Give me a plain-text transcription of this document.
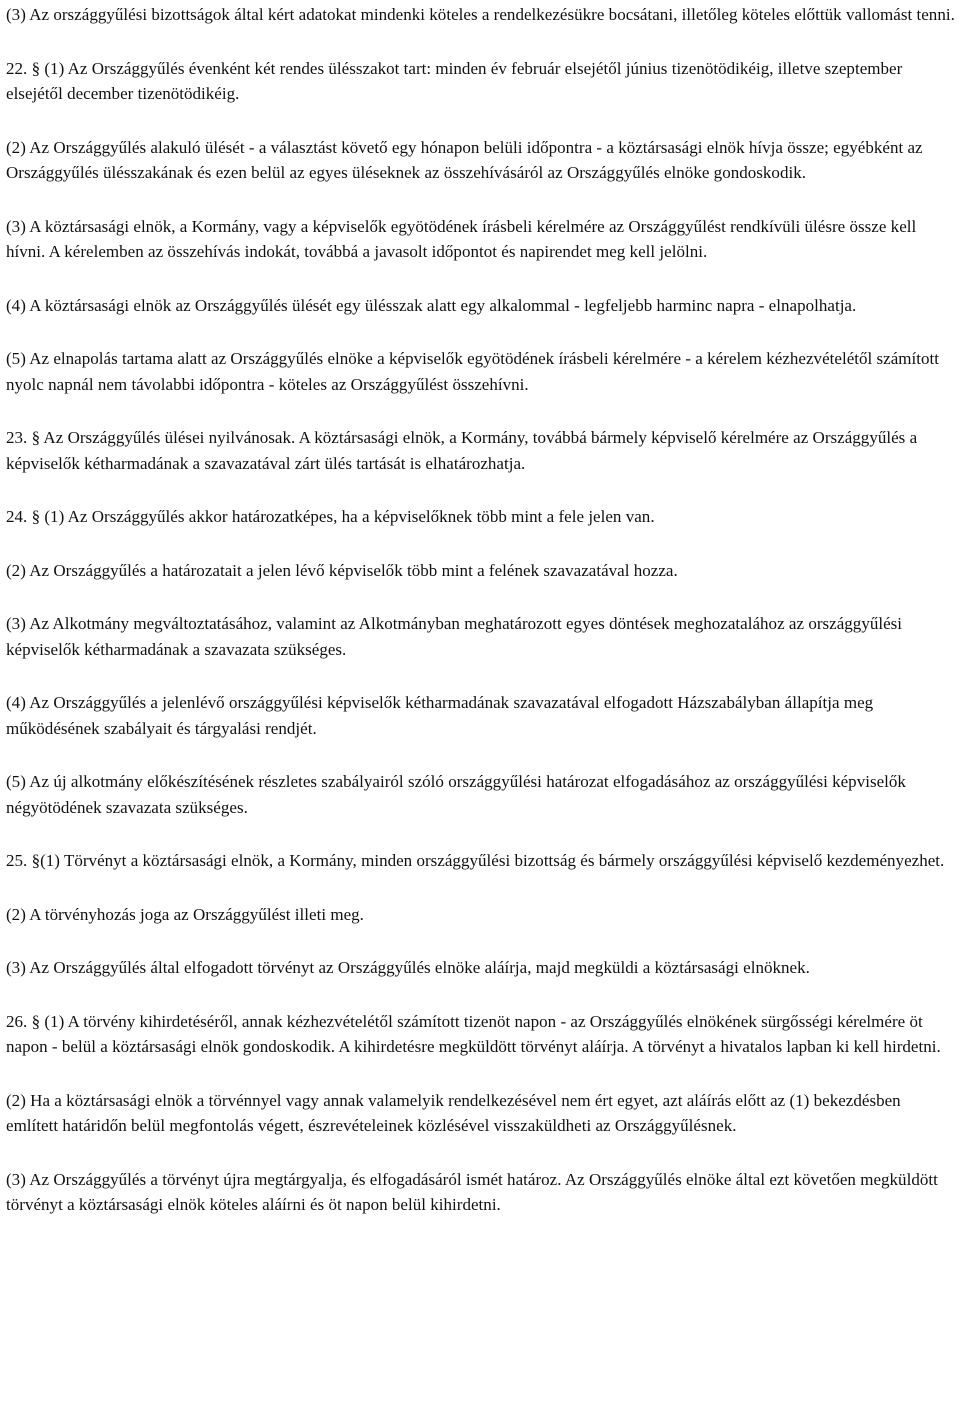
(3) Az országgyűlési bizottságok által kért adatokat mindenki köteles a rendelkezésükre bocsátani, illetőleg köteles előttük vallomást tenni.

22. § (1) Az Országgyűlés évenként két rendes ülésszakot tart: minden év február elsejétől június tizenötödikéig, illetve szeptember elsejétől december tizenötödikéig.

(2) Az Országgyűlés alakuló ülését - a választást követő egy hónapon belüli időpontra - a köztársasági elnök hívja össze; egyébként az Országgyűlés ülésszakának és ezen belül az egyes üléseknek az összehívásáról az Országgyűlés elnöke gondoskodik.

(3) A köztársasági elnök, a Kormány, vagy a képviselők egyötödének írásbeli kérelmére az Országgyűlést rendkívüli ülésre össze kell hívni. A kérelemben az összehívás indokát, továbbá a javasolt időpontot és napirendet meg kell jelölni.

(4) A köztársasági elnök az Országgyűlés ülését egy ülésszak alatt egy alkalommal - legfeljebb harminc napra - elnapolhatja.

(5) Az elnapolás tartama alatt az Országgyűlés elnöke a képviselők egyötödének írásbeli kérelmére - a kérelem kézhezvételétől számított nyolc napnál nem távolabbi időpontra - köteles az Országgyűlést összehívni.

23. § Az Országgyűlés ülései nyilvánosak. A köztársasági elnök, a Kormány, továbbá bármely képviselő kérelmére az Országgyűlés a képviselők kétharmadának a szavazatával zárt ülés tartását is elhatározhatja.

24. § (1) Az Országgyűlés akkor határozatképes, ha a képviselőknek több mint a fele jelen van.

(2) Az Országgyűlés a határozatait a jelen lévő képviselők több mint a felének szavazatával hozza.

(3) Az Alkotmány megváltoztatásához, valamint az Alkotmányban meghatározott egyes döntések meghozatalához az országgyűlési képviselők kétharmadának a szavazata szükséges.

(4) Az Országgyűlés a jelenlévő országgyűlési képviselők kétharmadának szavazatával elfogadott Házszabályban állapítja meg működésének szabályait és tárgyalási rendjét.

(5) Az új alkotmány előkészítésének részletes szabályairól szóló országgyűlési határozat elfogadásához az országgyűlési képviselők négyötödének szavazata szükséges.

25. §(1) Törvényt a köztársasági elnök, a Kormány, minden országgyűlési bizottság és bármely országgyűlési képviselő kezdeményezhet.

(2) A törvényhozás joga az Országgyűlést illeti meg.

(3) Az Országgyűlés által elfogadott törvényt az Országgyűlés elnöke aláírja, majd megküldi a köztársasági elnöknek.

26. § (1) A törvény kihirdetéséről, annak kézhezvételétől számított tizenöt napon - az Országgyűlés elnökének sürgősségi kérelmére öt napon - belül a köztársasági elnök gondoskodik. A kihirdetésre megküldött törvényt aláírja. A törvényt a hivatalos lapban ki kell hirdetni.

(2) Ha a köztársasági elnök a törvénnyel vagy annak valamelyik rendelkezésével nem ért egyet, azt aláírás előtt az (1) bekezdésben említett határidőn belül megfontolás végett, észrevételeinek közlésével visszaküldheti az Országgyűlésnek.

(3) Az Országgyűlés a törvényt újra megtárgyalja, és elfogadásáról ismét határoz. Az Országgyűlés elnöke által ezt követően megküldött törvényt a köztársasági elnök köteles aláírni és öt napon belül kihirdetni.
